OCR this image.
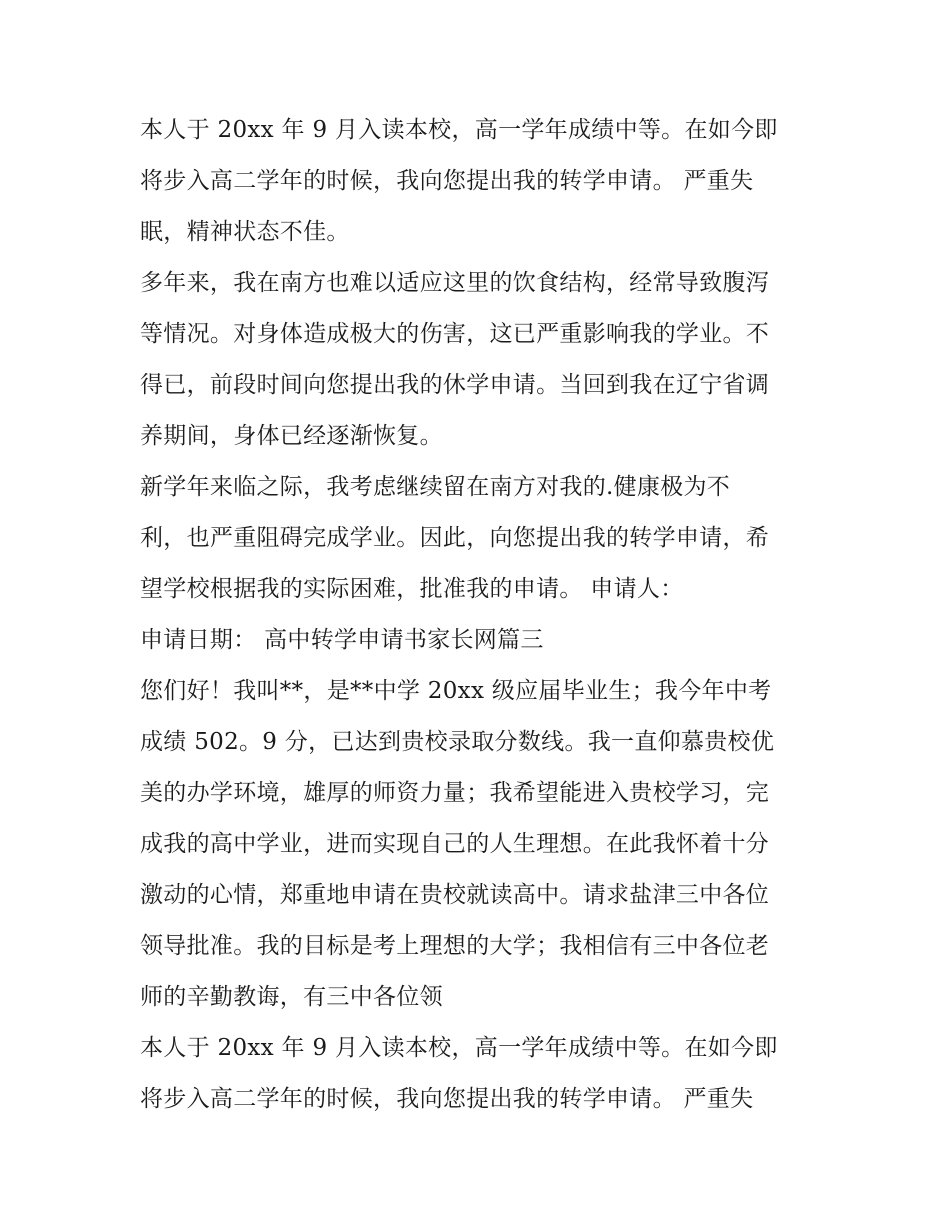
本人于 20xx 年 9 月入读本校，高一学年成绩中等。在如今即
将步入高二学年的时候，我向您提出我的转学申请。 严重失
眠，精神状态不佳。
多年来，我在南方也难以适应这里的饮食结构，经常导致腹泻
等情况。对身体造成极大的伤害，这已严重影响我的学业。不
得已，前段时间向您提出我的休学申请。当回到我在辽宁省调
养期间，身体已经逐渐恢复。
新学年来临之际，我考虑继续留在南方对我的.健康极为不
利，也严重阻碍完成学业。因此，向您提出我的转学申请，希
望学校根据我的实际困难，批准我的申请。 申请人：
申请日期： 高中转学申请书家长网篇三
您们好！我叫**，是**中学 20xx 级应届毕业生；我今年中考
成绩 502。9 分，已达到贵校录取分数线。我一直仰慕贵校优
美的办学环境，雄厚的师资力量；我希望能进入贵校学习，完
成我的高中学业，进而实现自己的人生理想。在此我怀着十分
激动的心情，郑重地申请在贵校就读高中。请求盐津三中各位
领导批准。我的目标是考上理想的大学；我相信有三中各位老
师的辛勤教诲，有三中各位领
本人于 20xx 年 9 月入读本校，高一学年成绩中等。在如今即
将步入高二学年的时候，我向您提出我的转学申请。 严重失
